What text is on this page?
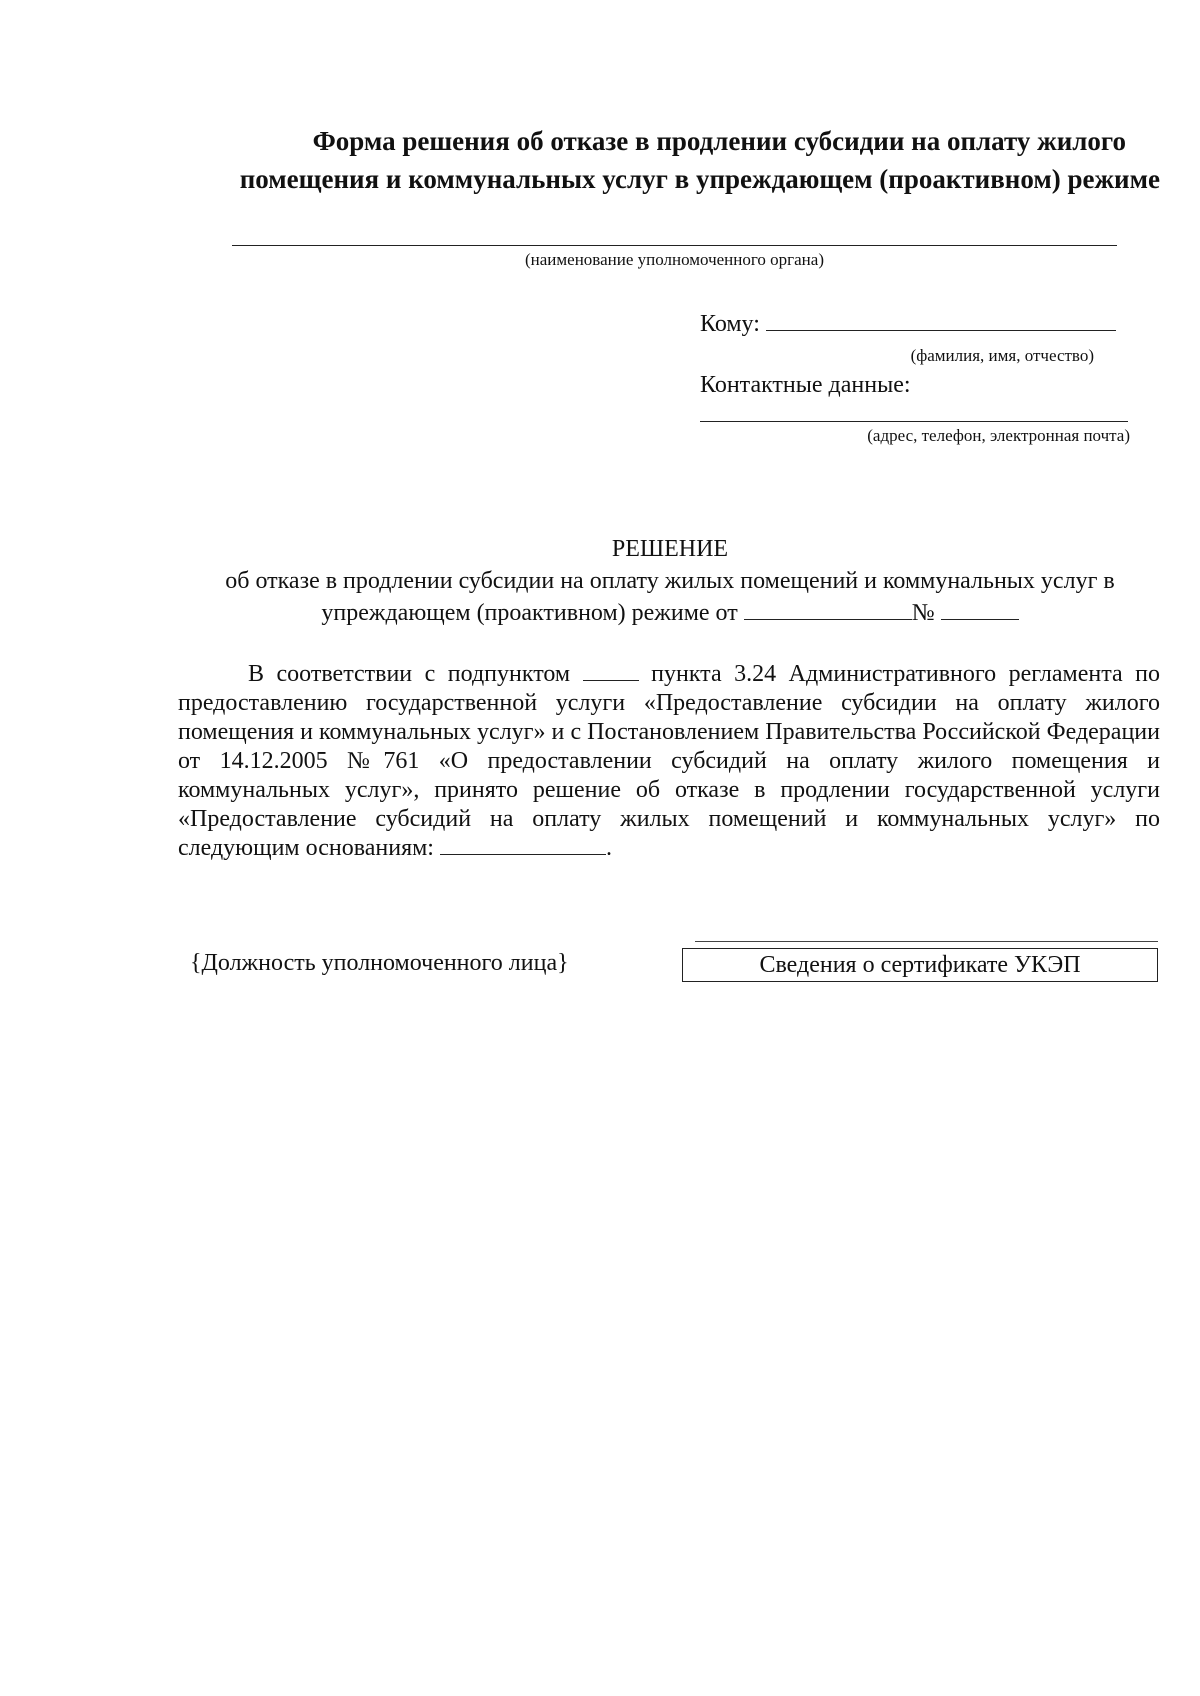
Форма решения об отказе в продлении субсидии на оплату жилого
помещения и коммунальных услуг в упреждающем (проактивном) режиме
(наименование уполномоченного органа)
Кому:
(фамилия, имя, отчество)
Контактные данные:
(адрес, телефон, электронная почта)
РЕШЕНИЕ
об отказе в продлении субсидии на оплату жилых помещений и коммунальных услуг в
упреждающем (проактивном) режиме от	№
В соответствии с подпунктом	пункта 3.24 Административного регламента по предоставлению государственной услуги «Предоставление субсидии на оплату жилого помещения и коммунальных услуг» и с Постановлением Правительства Российской Федерации от 14.12.2005 №761 «О предоставлении субсидий на оплату жилого помещения и коммунальных услуг», принято решение об отказе в продлении государственной услуги «Предоставление субсидий на оплату жилых помещений и коммунальных услуг» по следующим основаниям:	.
{Должность уполномоченного лица}	Сведения о сертификате УКЭП
